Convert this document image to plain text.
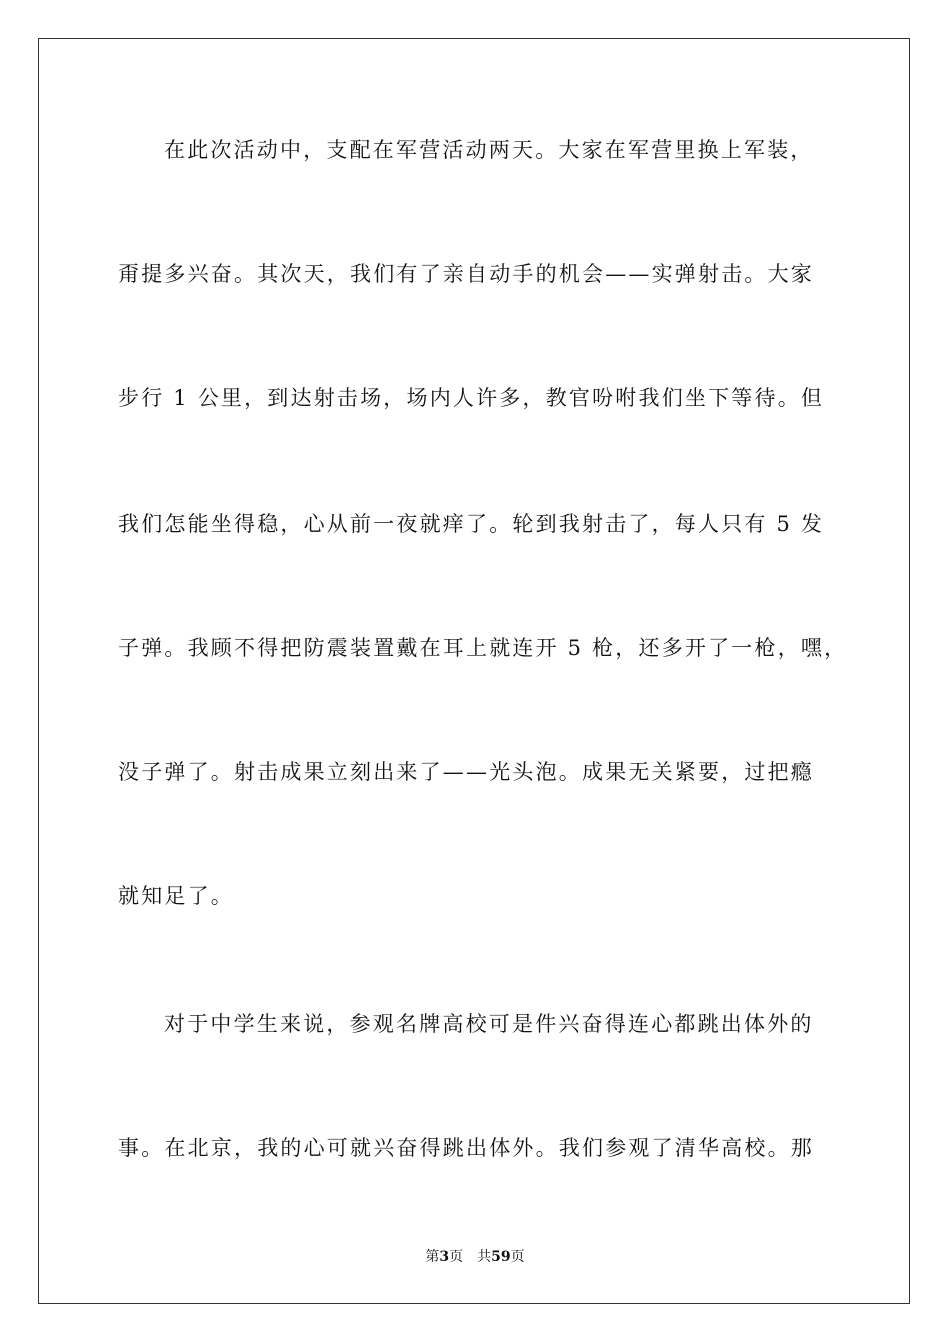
在此次活动中，支配在军营活动两天。大家在军营里换上军装，
甭提多兴奋。其次天，我们有了亲自动手的机会——实弹射击。大家
步行 1 公里，到达射击场，场内人许多，教官吩咐我们坐下等待。但
我们怎能坐得稳，心从前一夜就痒了。轮到我射击了，每人只有 5 发
子弹。我顾不得把防震装置戴在耳上就连开 5 枪，还多开了一枪，嘿，
没子弹了。射击成果立刻出来了——光头泡。成果无关紧要，过把瘾
就知足了。
对于中学生来说，参观名牌高校可是件兴奋得连心都跳出体外的
事。在北京，我的心可就兴奋得跳出体外。我们参观了清华高校。那
第3页 共59页
